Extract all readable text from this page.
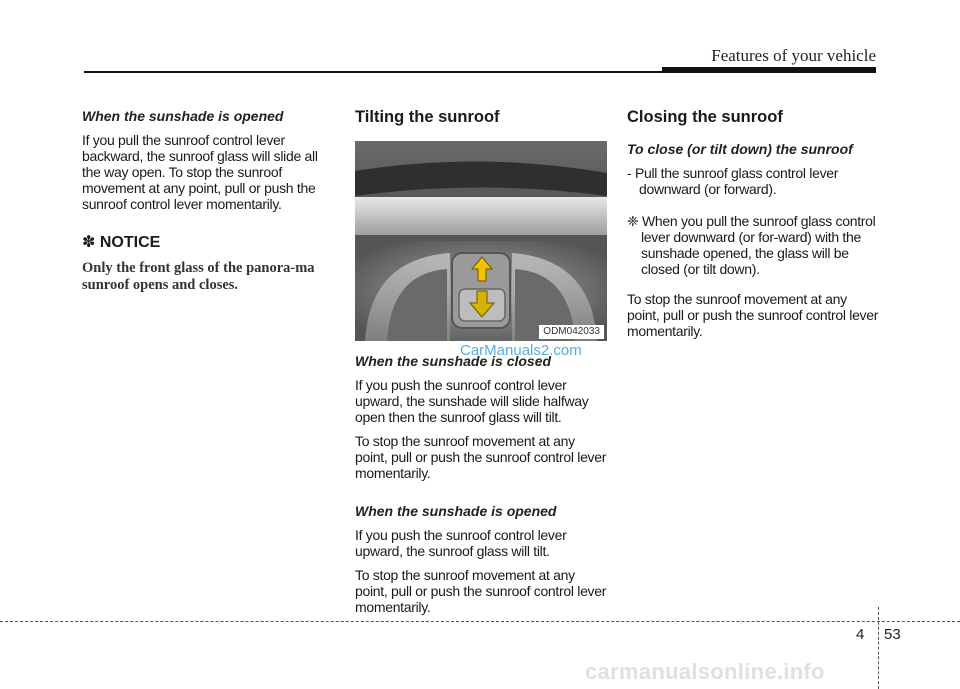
Features of your vehicle
When the sunshade is opened

If you pull the sunroof control lever backward, the sunroof glass will slide all the way open. To stop the sunroof movement at any point, pull or push the sunroof control lever momentarily.

✽ NOTICE

Only the front glass of the panora-ma sunroof opens and closes.

Tilting the sunroof
ODM042033
When the sunshade is closed

If you push the sunroof control lever upward, the sunshade will slide halfway open then the sunroof glass will tilt.

To stop the sunroof movement at any point, pull or push the sunroof control lever momentarily.

When the sunshade is opened

If you push the sunroof control lever upward, the sunroof glass will tilt.

To stop the sunroof movement at any point, pull or push the sunroof control lever momentarily.

CarManuals2.com
Closing the sunroof
To close (or tilt down) the sunroof

- Pull the sunroof glass control lever downward (or forward).

❈ When you pull the sunroof glass control lever downward (or for-ward) with the sunshade opened, the glass will be closed (or tilt down).

To stop the sunroof movement at any point, pull or push the sunroof control lever momentarily.

4 53
carmanualsonline.info
